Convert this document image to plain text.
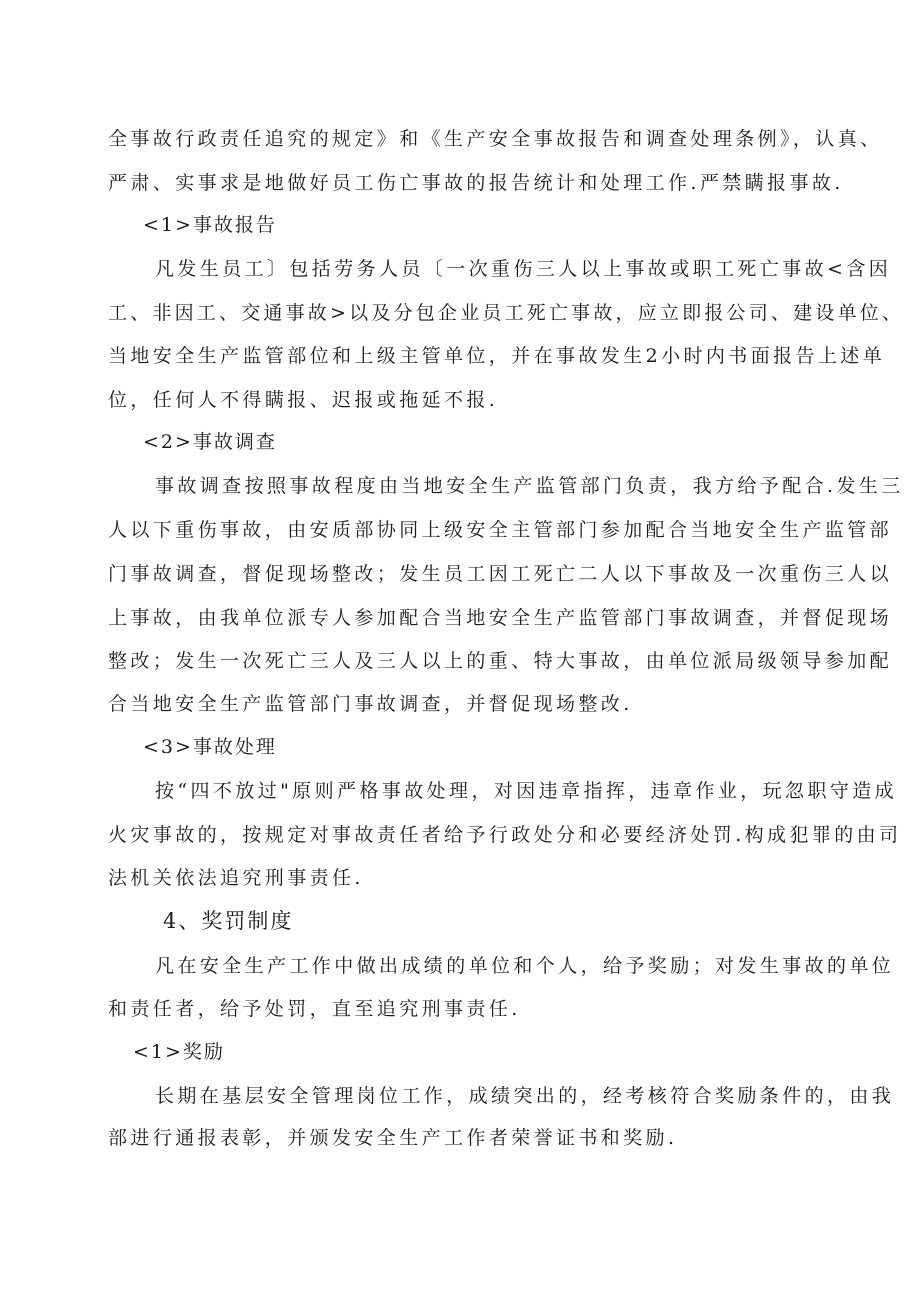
全事故行政责任追究的规定》和《生产安全事故报告和调查处理条例》，认真、
严肃、实事求是地做好员工伤亡事故的报告统计和处理工作.严禁瞒报事故.
<1>事故报告
凡发生员工〕包括劳务人员〔一次重伤三人以上事故或职工死亡事故<含因
工、非因工、交通事故>以及分包企业员工死亡事故，应立即报公司、建设单位、
当地安全生产监管部位和上级主管单位，并在事故发生2小时内书面报告上述单
位，任何人不得瞒报、迟报或拖延不报.
<2>事故调查
事故调查按照事故程度由当地安全生产监管部门负责，我方给予配合.发生三
人以下重伤事故，由安质部协同上级安全主管部门参加配合当地安全生产监管部
门事故调查，督促现场整改；发生员工因工死亡二人以下事故及一次重伤三人以
上事故，由我单位派专人参加配合当地安全生产监管部门事故调查，并督促现场
整改；发生一次死亡三人及三人以上的重、特大事故，由单位派局级领导参加配
合当地安全生产监管部门事故调查，并督促现场整改.
<3>事故处理
按“四不放过"原则严格事故处理，对因违章指挥，违章作业，玩忽职守造成
火灾事故的，按规定对事故责任者给予行政处分和必要经济处罚.构成犯罪的由司
法机关依法追究刑事责任.
4、奖罚制度
凡在安全生产工作中做出成绩的单位和个人，给予奖励；对发生事故的单位
和责任者，给予处罚，直至追究刑事责任.
<1>奖励
长期在基层安全管理岗位工作，成绩突出的，经考核符合奖励条件的，由我
部进行通报表彰，并颁发安全生产工作者荣誉证书和奖励.
